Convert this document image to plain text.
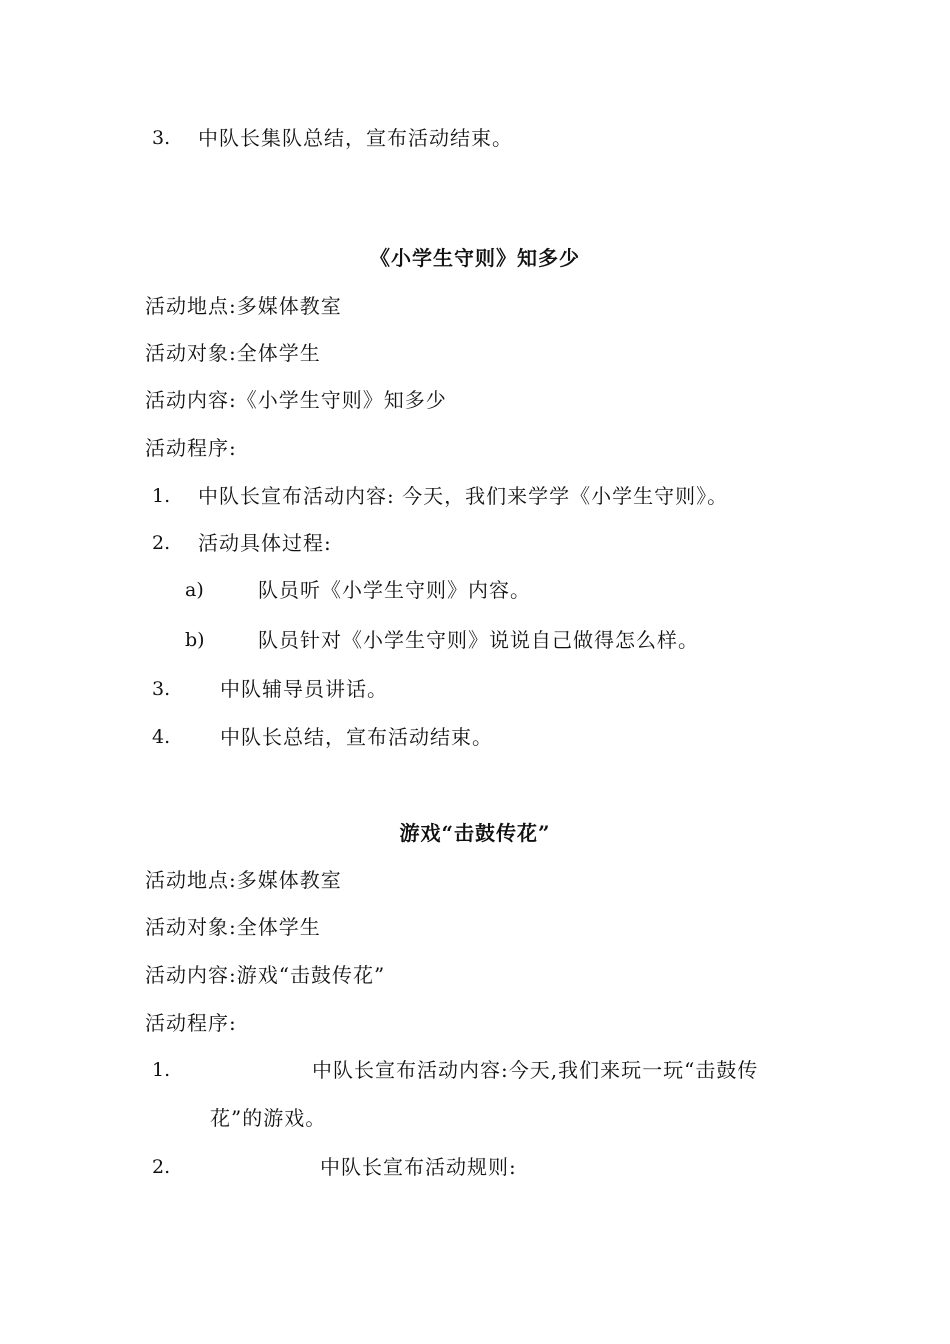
3. 中队长集队总结，宣布活动结束。
《小学生守则》知多少
活动地点:多媒体教室
活动对象:全体学生
活动内容:《小学生守则》知多少
活动程序:
1. 中队长宣布活动内容: 今天，我们来学学《小学生守则》。
2. 活动具体过程:
a)	队员听《小学生守则》内容。
b)	队员针对《小学生守则》说说自己做得怎么样。
3. 中队辅导员讲话。
4. 中队长总结，宣布活动结束。
游戏“击鼓传花”
活动地点:多媒体教室
活动对象:全体学生
活动内容:游戏“击鼓传花”
活动程序:
1.	中队长宣布活动内容:今天,我们来玩一玩“击鼓传
花”的游戏。
2.	中队长宣布活动规则:
